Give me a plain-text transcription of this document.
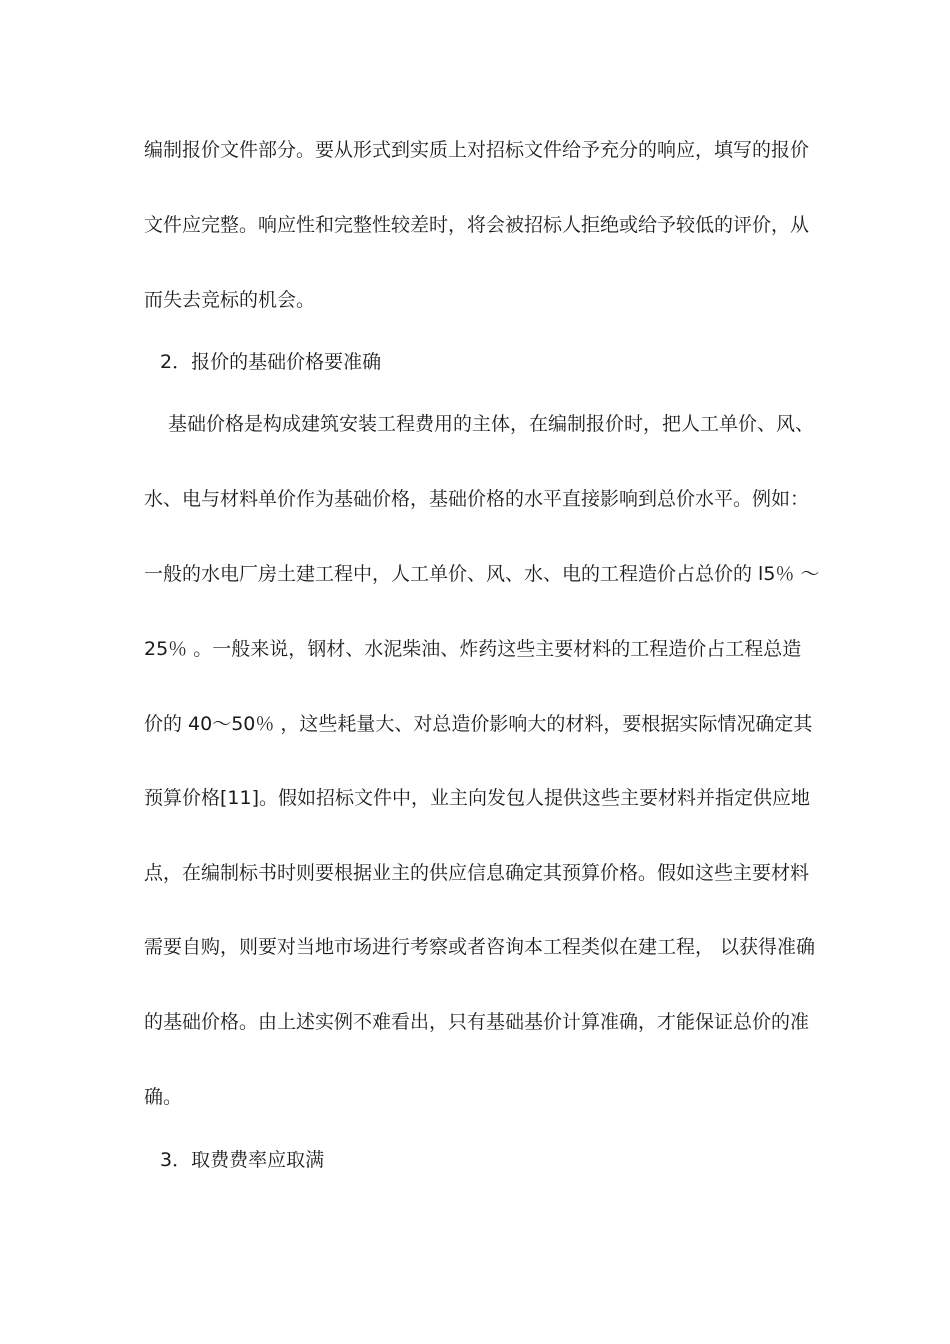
编制报价文件部分。要从形式到实质上对招标文件给予充分的响应，填写的报价
文件应完整。响应性和完整性较差时，将会被招标人拒绝或给予较低的评价，从
而失去竞标的机会。
2．报价的基础价格要准确
基础价格是构成建筑安装工程费用的主体，在编制报价时，把人工单价、风、
水、电与材料单价作为基础价格，基础价格的水平直接影响到总价水平。例如：
一般的水电厂房土建工程中，人工单价、风、水、电的工程造价占总价的 l5％ ～
25％ 。一般来说，钢材、水泥柴油、炸药这些主要材料的工程造价占工程总造
价的 40～50％ ，这些耗量大、对总造价影响大的材料，要根据实际情况确定其
预算价格[11]。假如招标文件中，业主向发包人提供这些主要材料并指定供应地
点，在编制标书时则要根据业主的供应信息确定其预算价格。假如这些主要材料
需要自购，则要对当地市场进行考察或者咨询本工程类似在建工程， 以获得准确
的基础价格。由上述实例不难看出，只有基础基价计算准确，才能保证总价的准
确。
3．取费费率应取满
